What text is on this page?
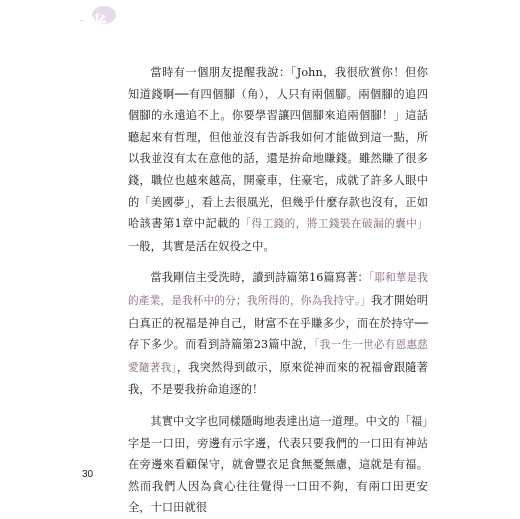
興起發光

當時有一個朋友提醒我說：「John，我很欣賞你！但你知道錢啊──有四個腳（角），人只有兩個腳。兩個腳的追四個腳的永遠追不上。你要學習讓四個腳來追兩個腳！」這話聽起來有哲理，但他並沒有告訴我如何才能做到這一點，所以我並沒有太在意他的話，還是拚命地賺錢。雖然賺了很多錢，職位也越來越高，開豪車，住豪宅，成就了許多人眼中的「美國夢」，看上去很風光，但幾乎什麼存款也沒有，正如哈該書第1章中記載的「得工錢的，將工錢裝在破漏的囊中」一般，其實是活在奴役之中。

當我剛信主受洗時，讀到詩篇第16篇寫著：「耶和華是我的產業，是我杯中的分；我所得的，你為我持守。」我才開始明白真正的祝福是神自己，財富不在乎賺多少，而在於持守──存下多少。而看到詩篇第23篇中說，「我一生一世必有恩惠慈愛隨著我」，我突然得到啟示，原來從神而來的祝福會跟隨著我，不是要我拚命追逐的！

其實中文字也同樣隱晦地表達出這一道理。中文的「福」字是一口田，旁邊有示字邊，代表只要我們的一口田有神站在旁邊來看顧保守，就會豐衣足食無憂無慮，這就是有福。然而我們人因為貪心往往覺得一口田不夠，有兩口田更安全，十口田就很

30
